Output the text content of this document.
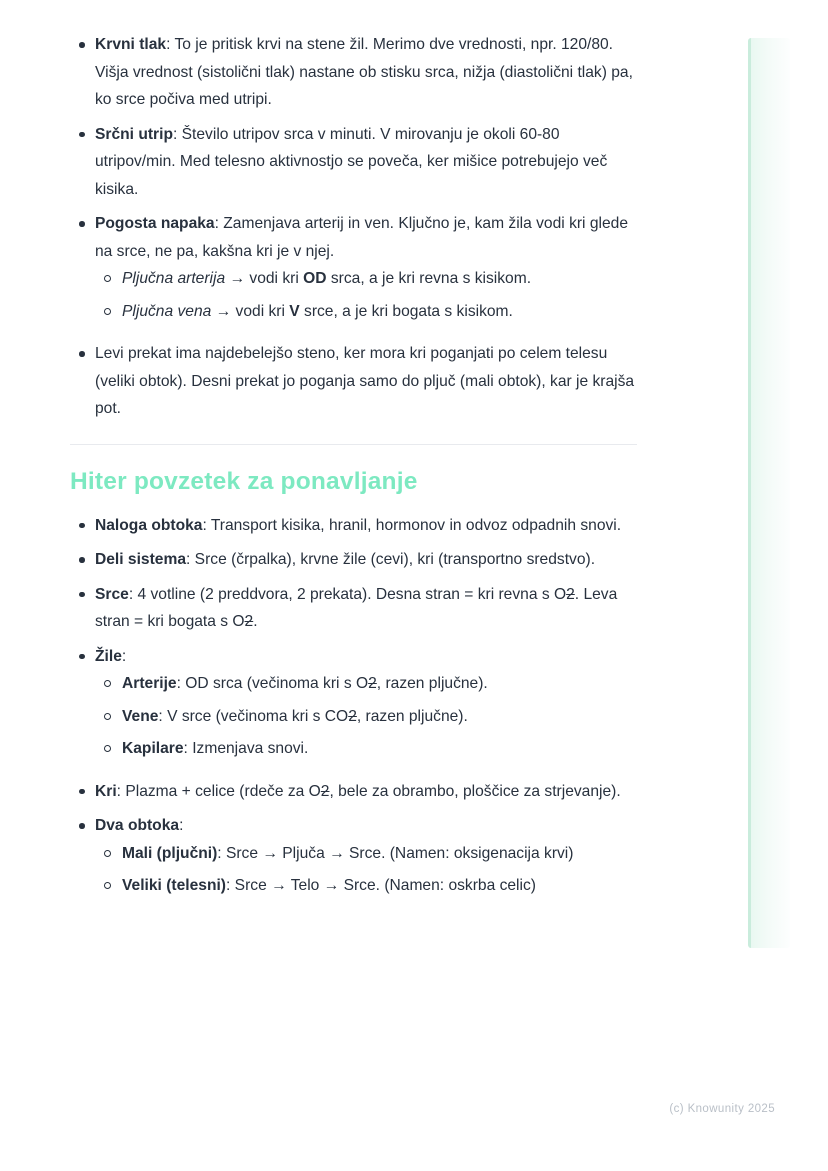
Krvni tlak: To je pritisk krvi na stene žil. Merimo dve vrednosti, npr. 120/80. Višja vrednost (sistolični tlak) nastane ob stisku srca, nižja (diastolični tlak) pa, ko srce počiva med utripi.
Srčni utrip: Število utripov srca v minuti. V mirovanju je okoli 60-80 utripov/min. Med telesno aktivnostjo se poveča, ker mišice potrebujejo več kisika.
Pogosta napaka: Zamenjava arterij in ven. Ključno je, kam žila vodi kri glede na srce, ne pa, kakšna kri je v njej.
Pljučna arterija → vodi kri OD srca, a je kri revna s kisikom.
Pljučna vena → vodi kri V srce, a je kri bogata s kisikom.
Levi prekat ima najdebelejšo steno, ker mora kri poganjati po celem telesu (veliki obtok). Desni prekat jo poganja samo do pljuč (mali obtok), kar je krajša pot.
Hiter povzetek za ponavljanje
Naloga obtoka: Transport kisika, hranil, hormonov in odvoz odpadnih snovi.
Deli sistema: Srce (črpalka), krvne žile (cevi), kri (transportno sredstvo).
Srce: 4 votline (2 preddvora, 2 prekata). Desna stran = kri revna s O2. Leva stran = kri bogata s O2.
Žile:
Arterije: OD srca (večinoma kri s O2, razen pljučne).
Vene: V srce (večinoma kri s CO2, razen pljučne).
Kapilare: Izmenjava snovi.
Kri: Plazma + celice (rdeče za O2, bele za obrambo, ploščice za strjevanje).
Dva obtoka:
Mali (pljučni): Srce → Pljuča → Srce. (Namen: oksigenacija krvi)
Veliki (telesni): Srce → Telo → Srce. (Namen: oskrba celic)
(c) Knowunity 2025
